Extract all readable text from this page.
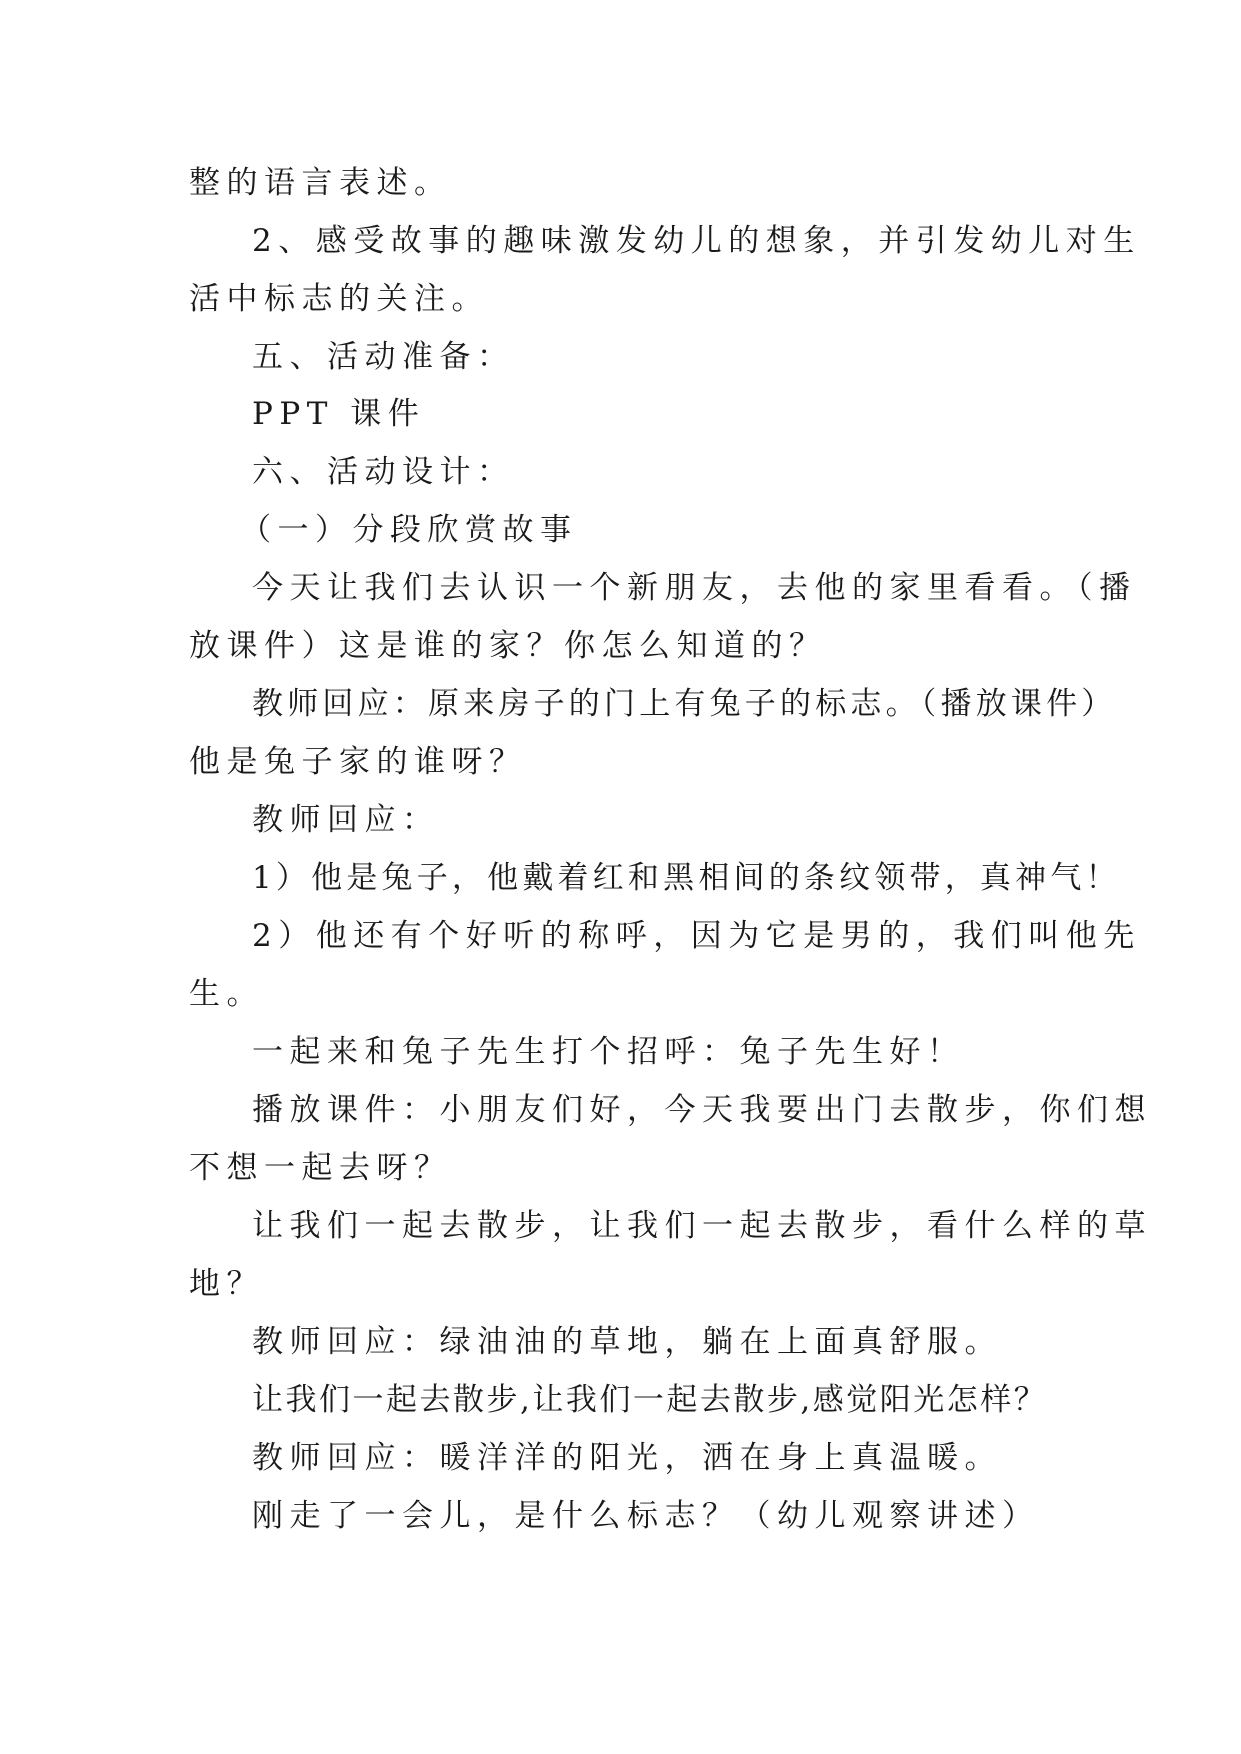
整的语言表述。
2、感受故事的趣味激发幼儿的想象，并引发幼儿对生
活中标志的关注。
五、活动准备：
PPT 课件
六、活动设计：
（一）分段欣赏故事
今天让我们去认识一个新朋友，去他的家里看看。（播
放课件）这是谁的家？你怎么知道的？
教师回应：原来房子的门上有兔子的标志。（播放课件）
他是兔子家的谁呀？
教师回应：
1）他是兔子，他戴着红和黑相间的条纹领带，真神气！
2）他还有个好听的称呼，因为它是男的，我们叫他先
生。
一起来和兔子先生打个招呼：兔子先生好！
播放课件：小朋友们好，今天我要出门去散步，你们想
不想一起去呀？
让我们一起去散步，让我们一起去散步，看什么样的草
地？
教师回应：绿油油的草地，躺在上面真舒服。
让我们一起去散步,让我们一起去散步,感觉阳光怎样？
教师回应：暖洋洋的阳光，洒在身上真温暖。
刚走了一会儿，是什么标志？（幼儿观察讲述）
